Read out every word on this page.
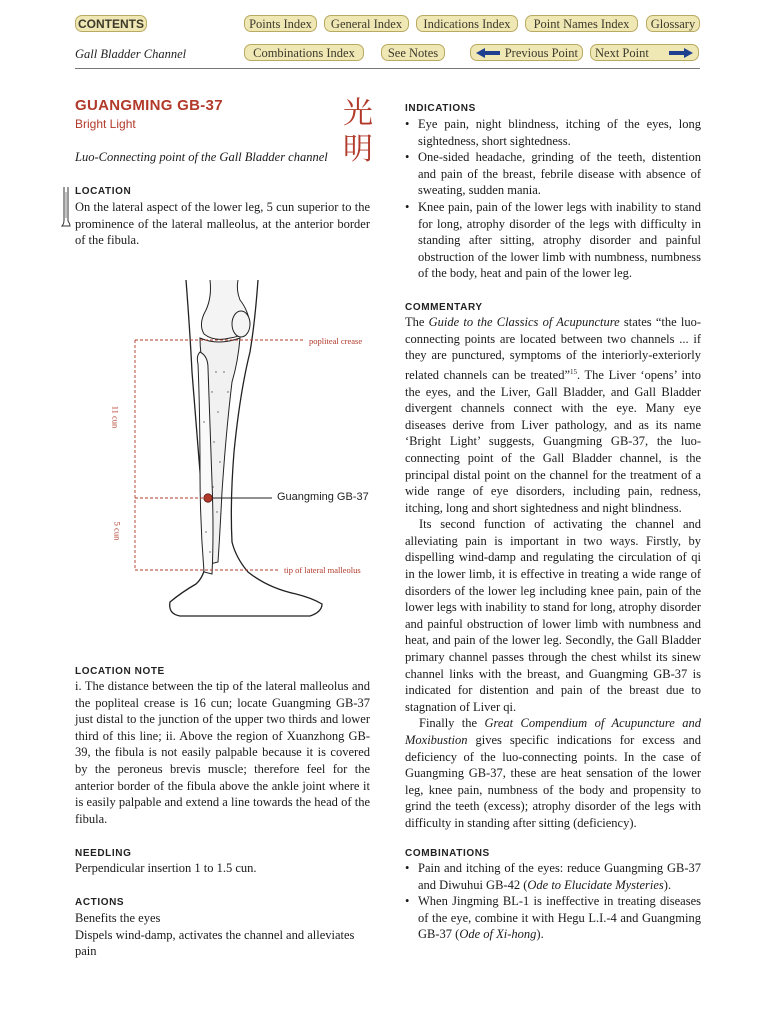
CONTENTS	Points Index	General Index	Indications Index	Point Names Index	Glossary
Combinations Index	See Notes	Previous Point	Next Point
Gall Bladder Channel
GUANGMING GB-37
Bright Light	光
明
Luo-Connecting point of the Gall Bladder channel
LOCATION
On the lateral aspect of the lower leg, 5 cun superior to the prominence of the lateral malleolus, at the anterior border of the fibula.
popliteal crease
Guangming GB-37
tip of lateral malleolus
11 cun
5 cun
LOCATION NOTE
i. The distance between the tip of the lateral malleolus and the popliteal crease is 16 cun; locate Guangming GB-37 just distal to the junction of the upper two thirds and lower third of this line; ii. Above the region of Xuanzhong GB-39, the fibula is not easily palpable because it is covered by the peroneus brevis muscle; therefore feel for the anterior border of the fibula above the ankle joint where it is easily palpable and extend a line towards the head of the fibula.
NEEDLING
Perpendicular insertion 1 to 1.5 cun.
ACTIONS

Benefits the eyes

Dispels wind-damp, activates the channel and alleviates pain

INDICATIONS
• Eye pain, night blindness, itching of the eyes, long sightedness, short sightedness.
• One-sided headache, grinding of the teeth, distention and pain of the breast, febrile disease with absence of sweating, sudden mania.
• Knee pain, pain of the lower legs with inability to stand for long, atrophy disorder of the legs with difficulty in standing after sitting, atrophy disorder and painful obstruction of the lower limb with numbness, numbness of the body, heat and pain of the lower leg.
COMMENTARY

The Guide to the Classics of Acupuncture states “the luo-connecting points are located between two channels ... if they are punctured, symptoms of the interiorly-exteriorly related channels can be treated”$^{15}$. The Liver ‘opens’ into the eyes, and the Liver, Gall Bladder, and Gall Bladder divergent channels connect with the eye. Many eye diseases derive from Liver pathology, and as its name ‘Bright Light’ suggests, Guangming GB-37, the luo-connecting point of the Gall Bladder channel, is the principal distal point on the channel for the treatment of a wide range of eye disorders, including pain, redness, itching, long and short sightedness and night blindness.

Its second function of activating the channel and alleviating pain is important in two ways. Firstly, by dispelling wind-damp and regulating the circulation of qi in the lower limb, it is effective in treating a wide range of disorders of the lower leg including knee pain, pain of the lower legs with inability to stand for long, atrophy disorder and painful obstruction of lower limb with numbness and heat, and pain of the lower leg. Secondly, the Gall Bladder primary channel passes through the chest whilst its sinew channel links with the breast, and Guangming GB-37 is indicated for distention and pain of the breast due to stagnation of Liver qi.

Finally the Great Compendium of Acupuncture and Moxibustion gives specific indications for excess and deficiency of the luo-connecting points. In the case of Guangming GB-37, these are heat sensation of the lower leg, knee pain, numbness of the body and propensity to grind the teeth (excess); atrophy disorder of the legs with difficulty in standing after sitting (deficiency).

COMBINATIONS
• Pain and itching of the eyes: reduce Guangming GB-37 and Diwuhui GB-42 (Ode to Elucidate Mysteries).
• When Jingming BL-1 is ineffective in treating diseases of the eye, combine it with Hegu L.I.-4 and Guangming GB-37 (Ode of Xi-hong).
